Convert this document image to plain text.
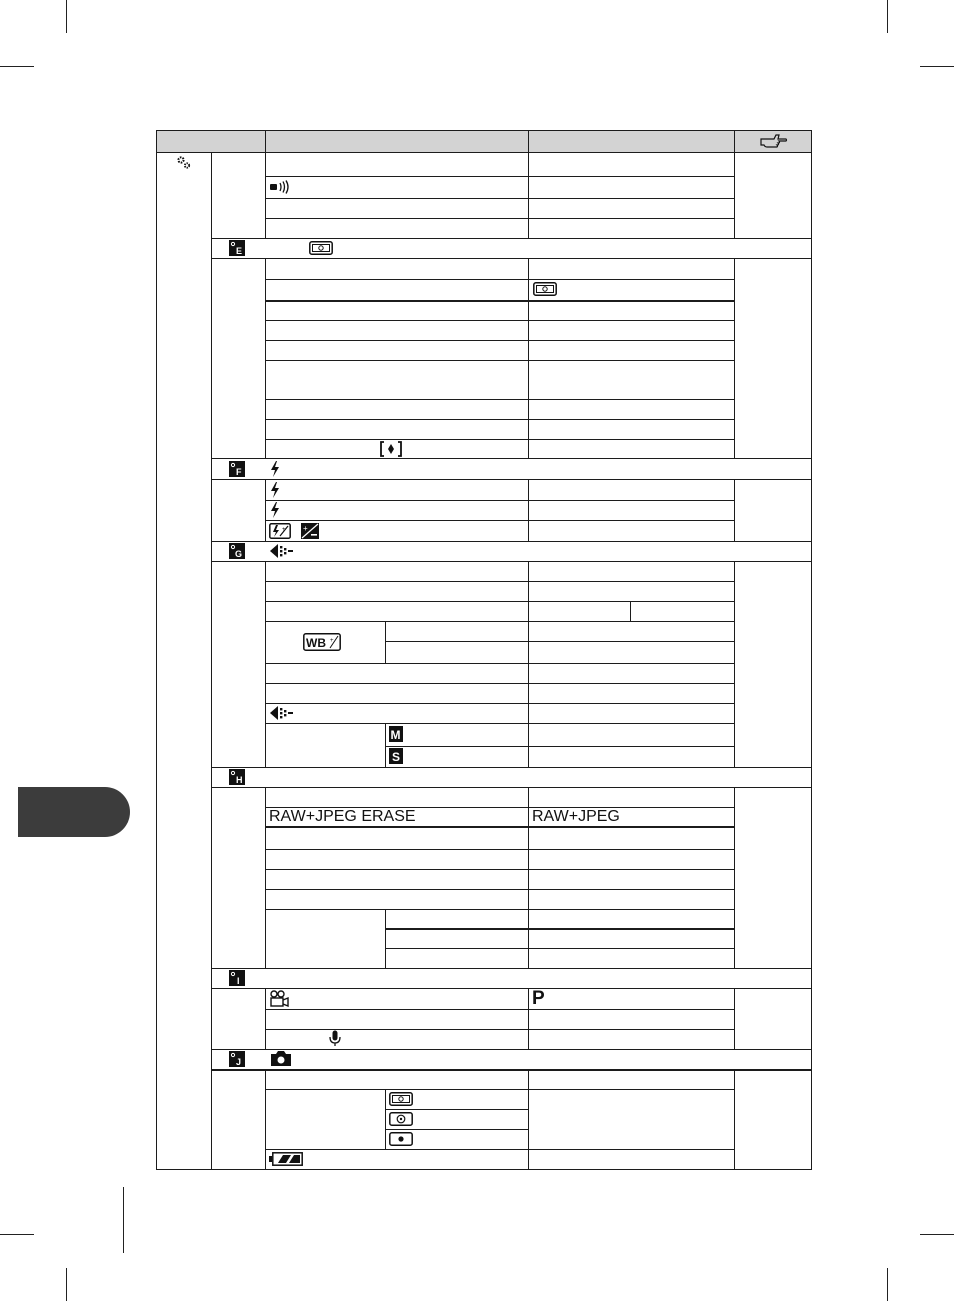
E
F
+ +
G
WB +
M
S
H
RAW+JPEG ERASE	RAW+JPEG
I
P
J
